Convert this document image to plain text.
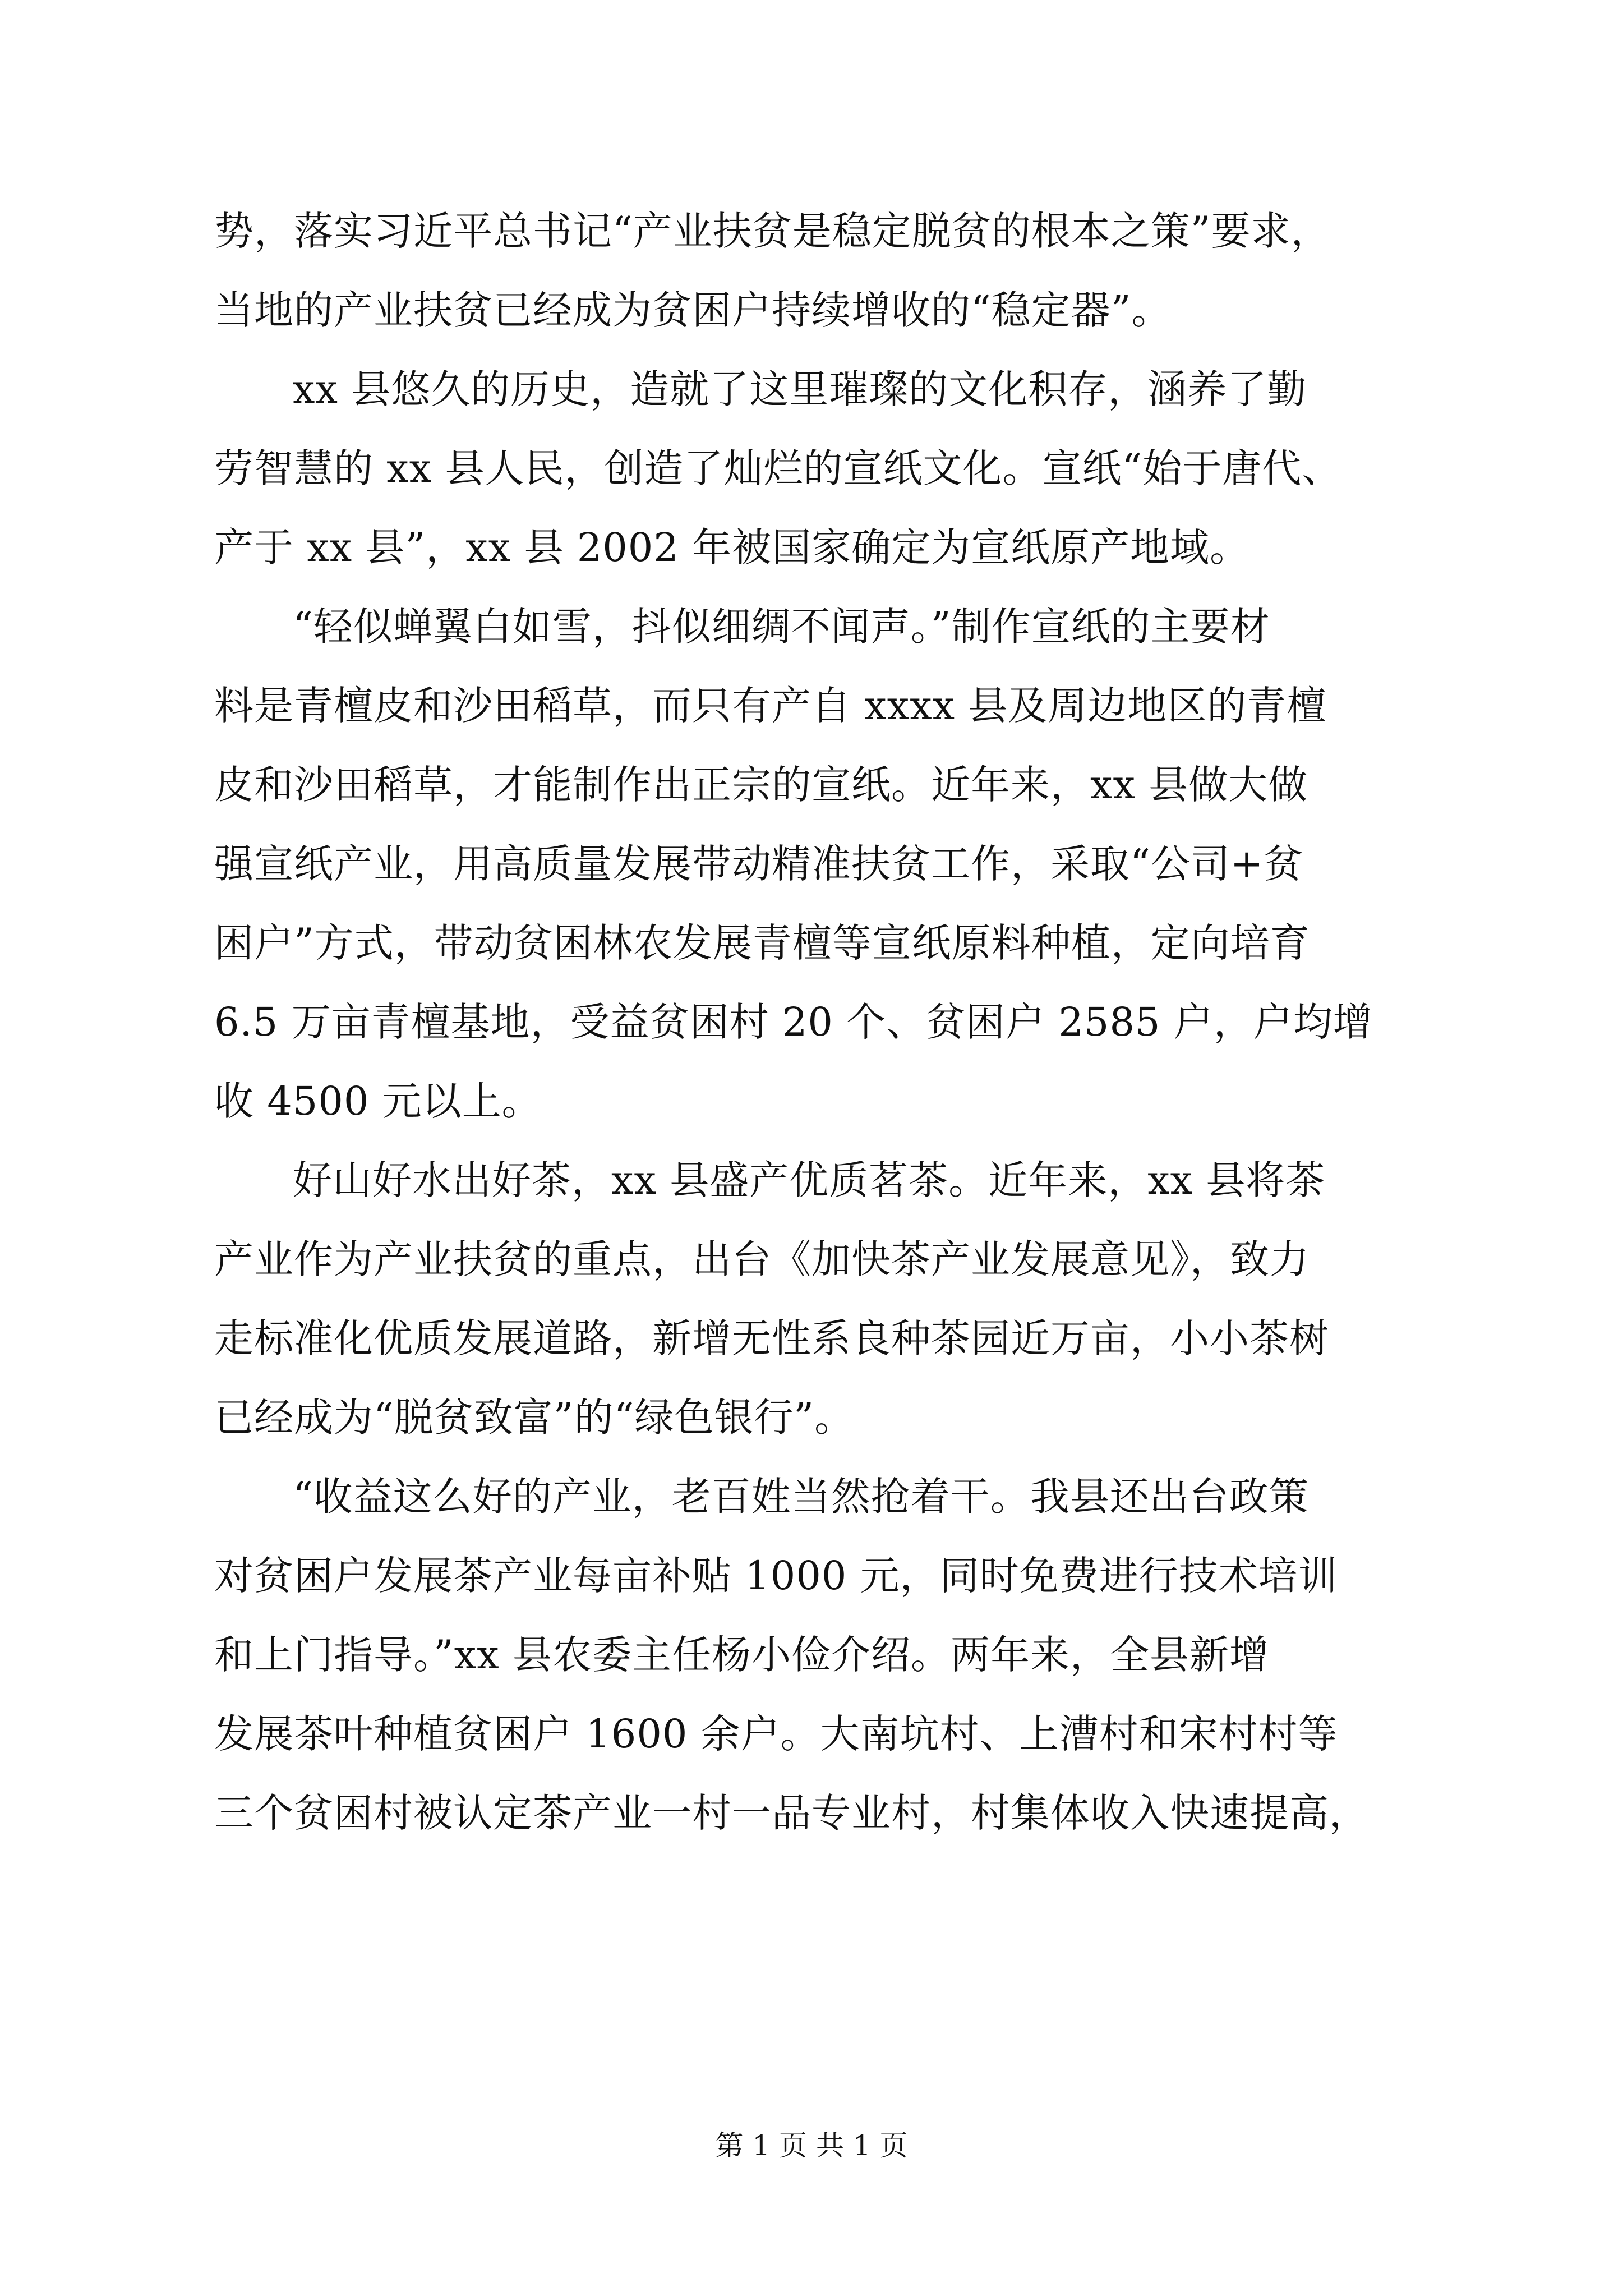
势，落实习近平总书记“产业扶贫是稳定脱贫的根本之策”要求，
当地的产业扶贫已经成为贫困户持续增收的“稳定器”。
xx 县悠久的历史，造就了这里璀璨的文化积存，涵养了勤
劳智慧的 xx 县人民，创造了灿烂的宣纸文化。宣纸“始于唐代、
产于 xx 县”，xx 县 2002 年被国家确定为宣纸原产地域。
“轻似蝉翼白如雪，抖似细绸不闻声。”制作宣纸的主要材
料是青檀皮和沙田稻草，而只有产自 xxxx 县及周边地区的青檀
皮和沙田稻草，才能制作出正宗的宣纸。近年来，xx 县做大做
强宣纸产业，用高质量发展带动精准扶贫工作，采取“公司+贫
困户”方式，带动贫困林农发展青檀等宣纸原料种植，定向培育
6.5 万亩青檀基地，受益贫困村 20 个、贫困户 2585 户，户均增
收 4500 元以上。
好山好水出好茶，xx 县盛产优质茗茶。近年来，xx 县将茶
产业作为产业扶贫的重点，出台《加快茶产业发展意见》，致力
走标准化优质发展道路，新增无性系良种茶园近万亩，小小茶树
已经成为“脱贫致富”的“绿色银行”。
“收益这么好的产业，老百姓当然抢着干。我县还出台政策
对贫困户发展茶产业每亩补贴 1000 元，同时免费进行技术培训
和上门指导。”xx 县农委主任杨小俭介绍。两年来，全县新增
发展茶叶种植贫困户 1600 余户。大南坑村、上漕村和宋村村等
三个贫困村被认定茶产业一村一品专业村，村集体收入快速提高，
第 1 页 共 1 页
